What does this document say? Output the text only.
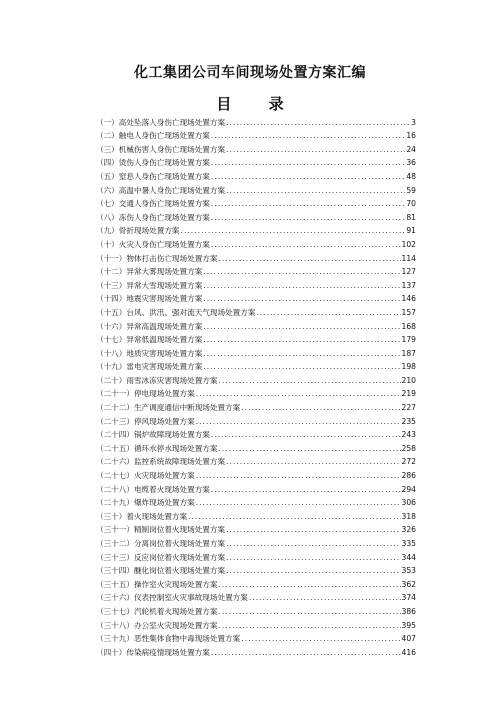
化工集团公司车间现场处置方案汇编
目 录
（一） 高处坠落人身伤亡现场处置方案 .....	3
（二） 触电人身伤亡现场处置方案 .....	16
（三） 机械伤害人身伤亡现场处置方案 .....	24
（四） 烫伤人身伤亡现场处置方案 .....	36
（五） 窒息人身伤亡现场处置方案 .....	48
（六） 高温中暑人身伤亡现场处置方案 .....	59
（七） 交通人身伤亡现场处置方案 .....	70
（八） 冻伤人身伤亡现场处置方案 .....	81
（九） 骨折现场处置方案 .....	91
（十） 火灾人身伤亡现场处置方案 .....	102
（十一） 物体打击伤亡现场处置方案 .....	114
（十二） 异常大雾现场处置方案 .....	127
（十三） 异常大雪现场处置方案 .....	137
（十四） 地震灾害现场处置方案 .....	146
（十五） 台风、洪汛、强对流天气现场处置方案 .....	157
（十六） 异常高温现场处置方案 .....	168
（十七） 异常低温现场处置方案 .....	179
（十八） 地质灾害现场处置方案 .....	187
（十九） 雷电灾害现场处置方案 .....	198
（二十） 雨雪冰冻灾害现场处置方案 .....	210
（二十一） 停电现场处置方案 .....	219
（二十二） 生产调度通信中断现场处置方案 .....	227
（二十三） 停风现场处置方案 .....	235
（二十四） 锅炉故障现场处置方案 .....	243
（二十五） 循环水停水现场处置方案 .....	258
（二十六） 监控系统故障现场处置方案 .....	272
（二十七） 火灾现场处置方案 .....	286
（二十八） 电缆着火现场处置方案 .....	294
（二十九） 爆炸现场处置方案 .....	306
（三十） 着火现场处置方案 .....	318
（三十一） 精制岗位着火现场处置方案 .....	326
（三十二） 分离岗位着火现场处置方案 .....	335
（三十三） 反应岗位着火现场处置方案 .....	344
（三十四） 醚化岗位着火现场处置方案 .....	353
（三十五） 操作室火灾现场处置方案 .....	362
（三十六） 仪表控制室火灾事故现场处置方案 .....	374
（三十七） 汽轮机着火现场处置方案 .....	386
（三十八） 办公室火灾现场处置方案 .....	395
（三十九） 恶性集体食物中毒现场处置方案 .....	407
（四十） 传染病疫情现场处置方案 .....	416
